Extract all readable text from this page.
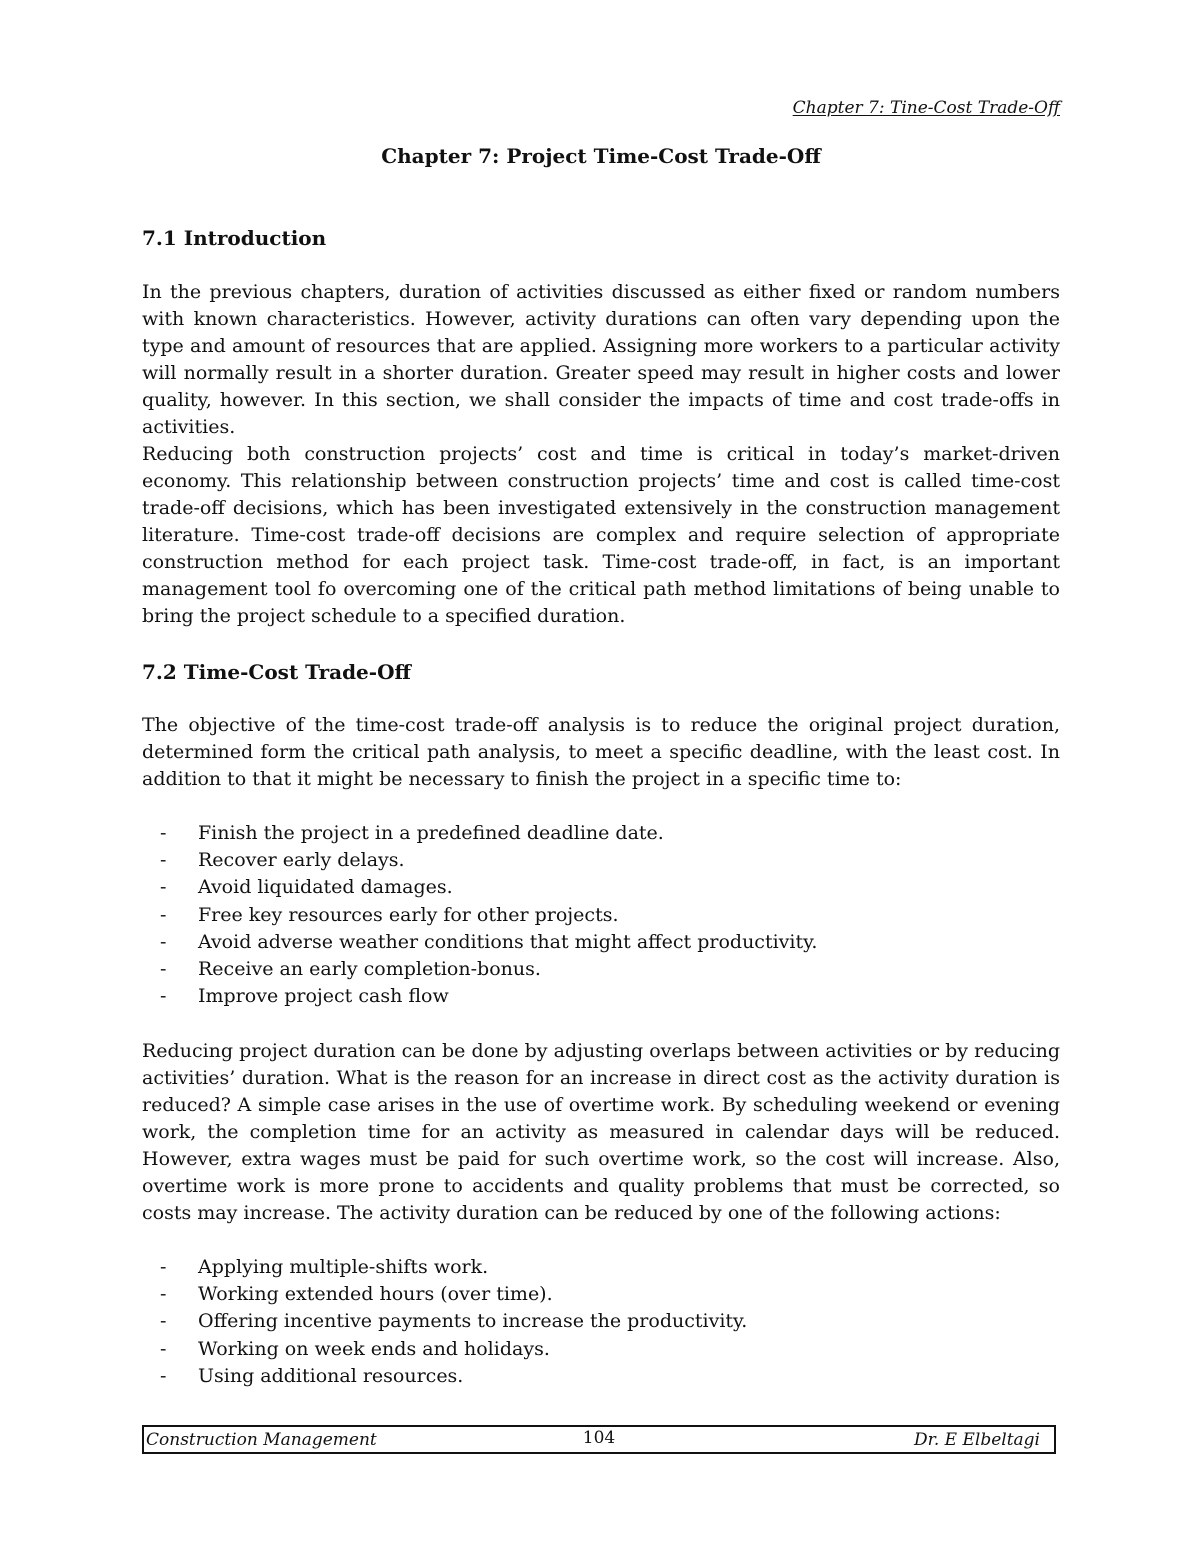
Chapter 7: Tine-Cost Trade-Off
Chapter 7: Project Time-Cost Trade-Off
7.1 Introduction

In the previous chapters, duration of activities discussed as either fixed or random numbers with known characteristics. However, activity durations can often vary depending upon the type and amount of resources that are applied. Assigning more workers to a particular activity will normally result in a shorter duration. Greater speed may result in higher costs and lower quality, however. In this section, we shall consider the impacts of time and cost trade-offs in activities.

Reducing both construction projects’ cost and time is critical in today’s market-driven economy. This relationship between construction projects’ time and cost is called time-cost trade-off decisions, which has been investigated extensively in the construction management literature. Time-cost trade-off decisions are complex and require selection of appropriate construction method for each project task. Time-cost trade-off, in fact, is an important management tool fo overcoming one of the critical path method limitations of being unable to bring the project schedule to a specified duration.

7.2 Time-Cost Trade-Off

The objective of the time-cost trade-off analysis is to reduce the original project duration, determined form the critical path analysis, to meet a specific deadline, with the least cost. In addition to that it might be necessary to finish the project in a specific time to:

- Finish the project in a predefined deadline date.
- Recover early delays.
- Avoid liquidated damages.
- Free key resources early for other projects.
- Avoid adverse weather conditions that might affect productivity.
- Receive an early completion-bonus.
- Improve project cash flow

Reducing project duration can be done by adjusting overlaps between activities or by reducing activities’ duration. What is the reason for an increase in direct cost as the activity duration is reduced? A simple case arises in the use of overtime work. By scheduling weekend or evening work, the completion time for an activity as measured in calendar days will be reduced. However, extra wages must be paid for such overtime work, so the cost will increase. Also, overtime work is more prone to accidents and quality problems that must be corrected, so costs may increase. The activity duration can be reduced by one of the following actions:

- Applying multiple-shifts work.
- Working extended hours (over time).
- Offering incentive payments to increase the productivity.
- Working on week ends and holidays.
- Using additional resources.
Construction Management	104	Dr. E Elbeltagi
